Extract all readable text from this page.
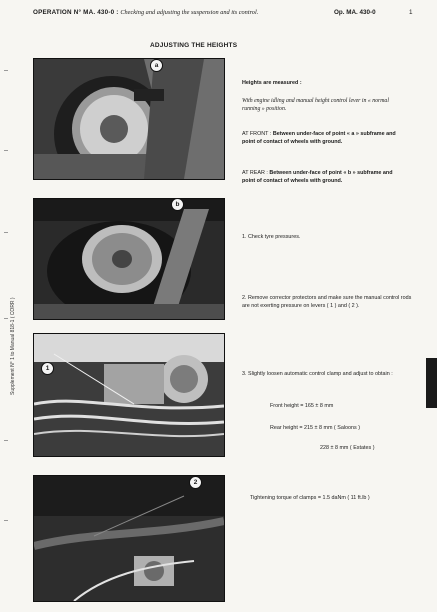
OPERATION N° MA. 430-0 : Checking and adjusting the suspension and its control.	Op. MA. 430-0	1
ADJUSTING THE HEIGHTS
a
b
1
2
Heights are measured :
With engine idling and manual height control lever in « normal running » position.
AT FRONT : Between under-face of point « a » subframe and point of contact of wheels with ground.
AT REAR : Between under-face of point « b » subframe and point of contact of wheels with ground.
1. Check tyre pressures.
2. Remove corrector protectors and make sure the manual control rods are not exerting pressure on levers ( 1 ) and ( 2 ).
3. Slightly loosen automatic control clamp and adjust to obtain :
Front height = 165 ± 8 mm
Rear height = 215 ± 8 mm ( Saloons )
228 ± 8 mm ( Estates )
Tightening torque of clamps = 1.5 daNm ( 11 ft.lb )
Supplement N° 1 to Manual 818-1 ( CORR )
